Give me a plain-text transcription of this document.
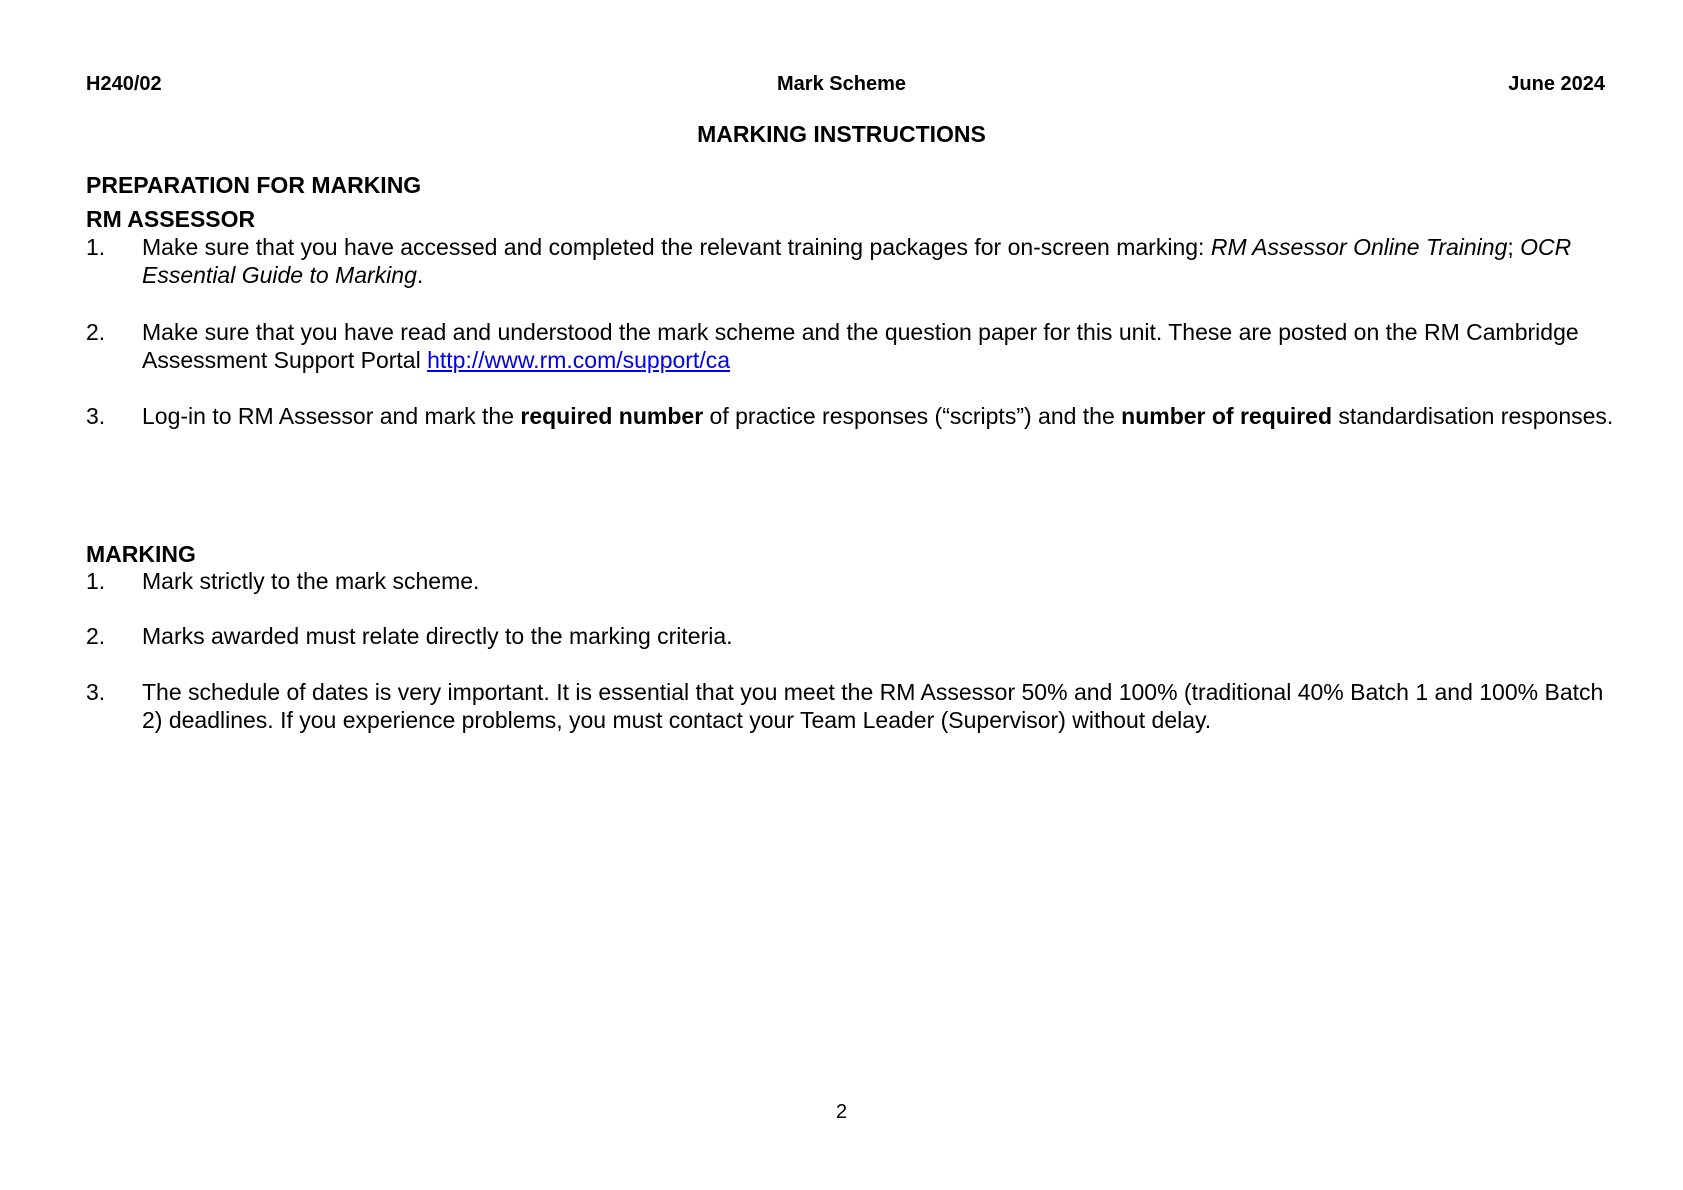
H240/02	Mark Scheme	June 2024
MARKING INSTRUCTIONS
PREPARATION FOR MARKING
RM ASSESSOR
1. Make sure that you have accessed and completed the relevant training packages for on-screen marking: RM Assessor Online Training; OCR Essential Guide to Marking.
2. Make sure that you have read and understood the mark scheme and the question paper for this unit. These are posted on the RM Cambridge Assessment Support Portal http://www.rm.com/support/ca
3. Log-in to RM Assessor and mark the required number of practice responses (“scripts”) and the number of required standardisation responses.
MARKING
1. Mark strictly to the mark scheme.
2. Marks awarded must relate directly to the marking criteria.
3. The schedule of dates is very important. It is essential that you meet the RM Assessor 50% and 100% (traditional 40% Batch 1 and 100% Batch 2) deadlines. If you experience problems, you must contact your Team Leader (Supervisor) without delay.
2
